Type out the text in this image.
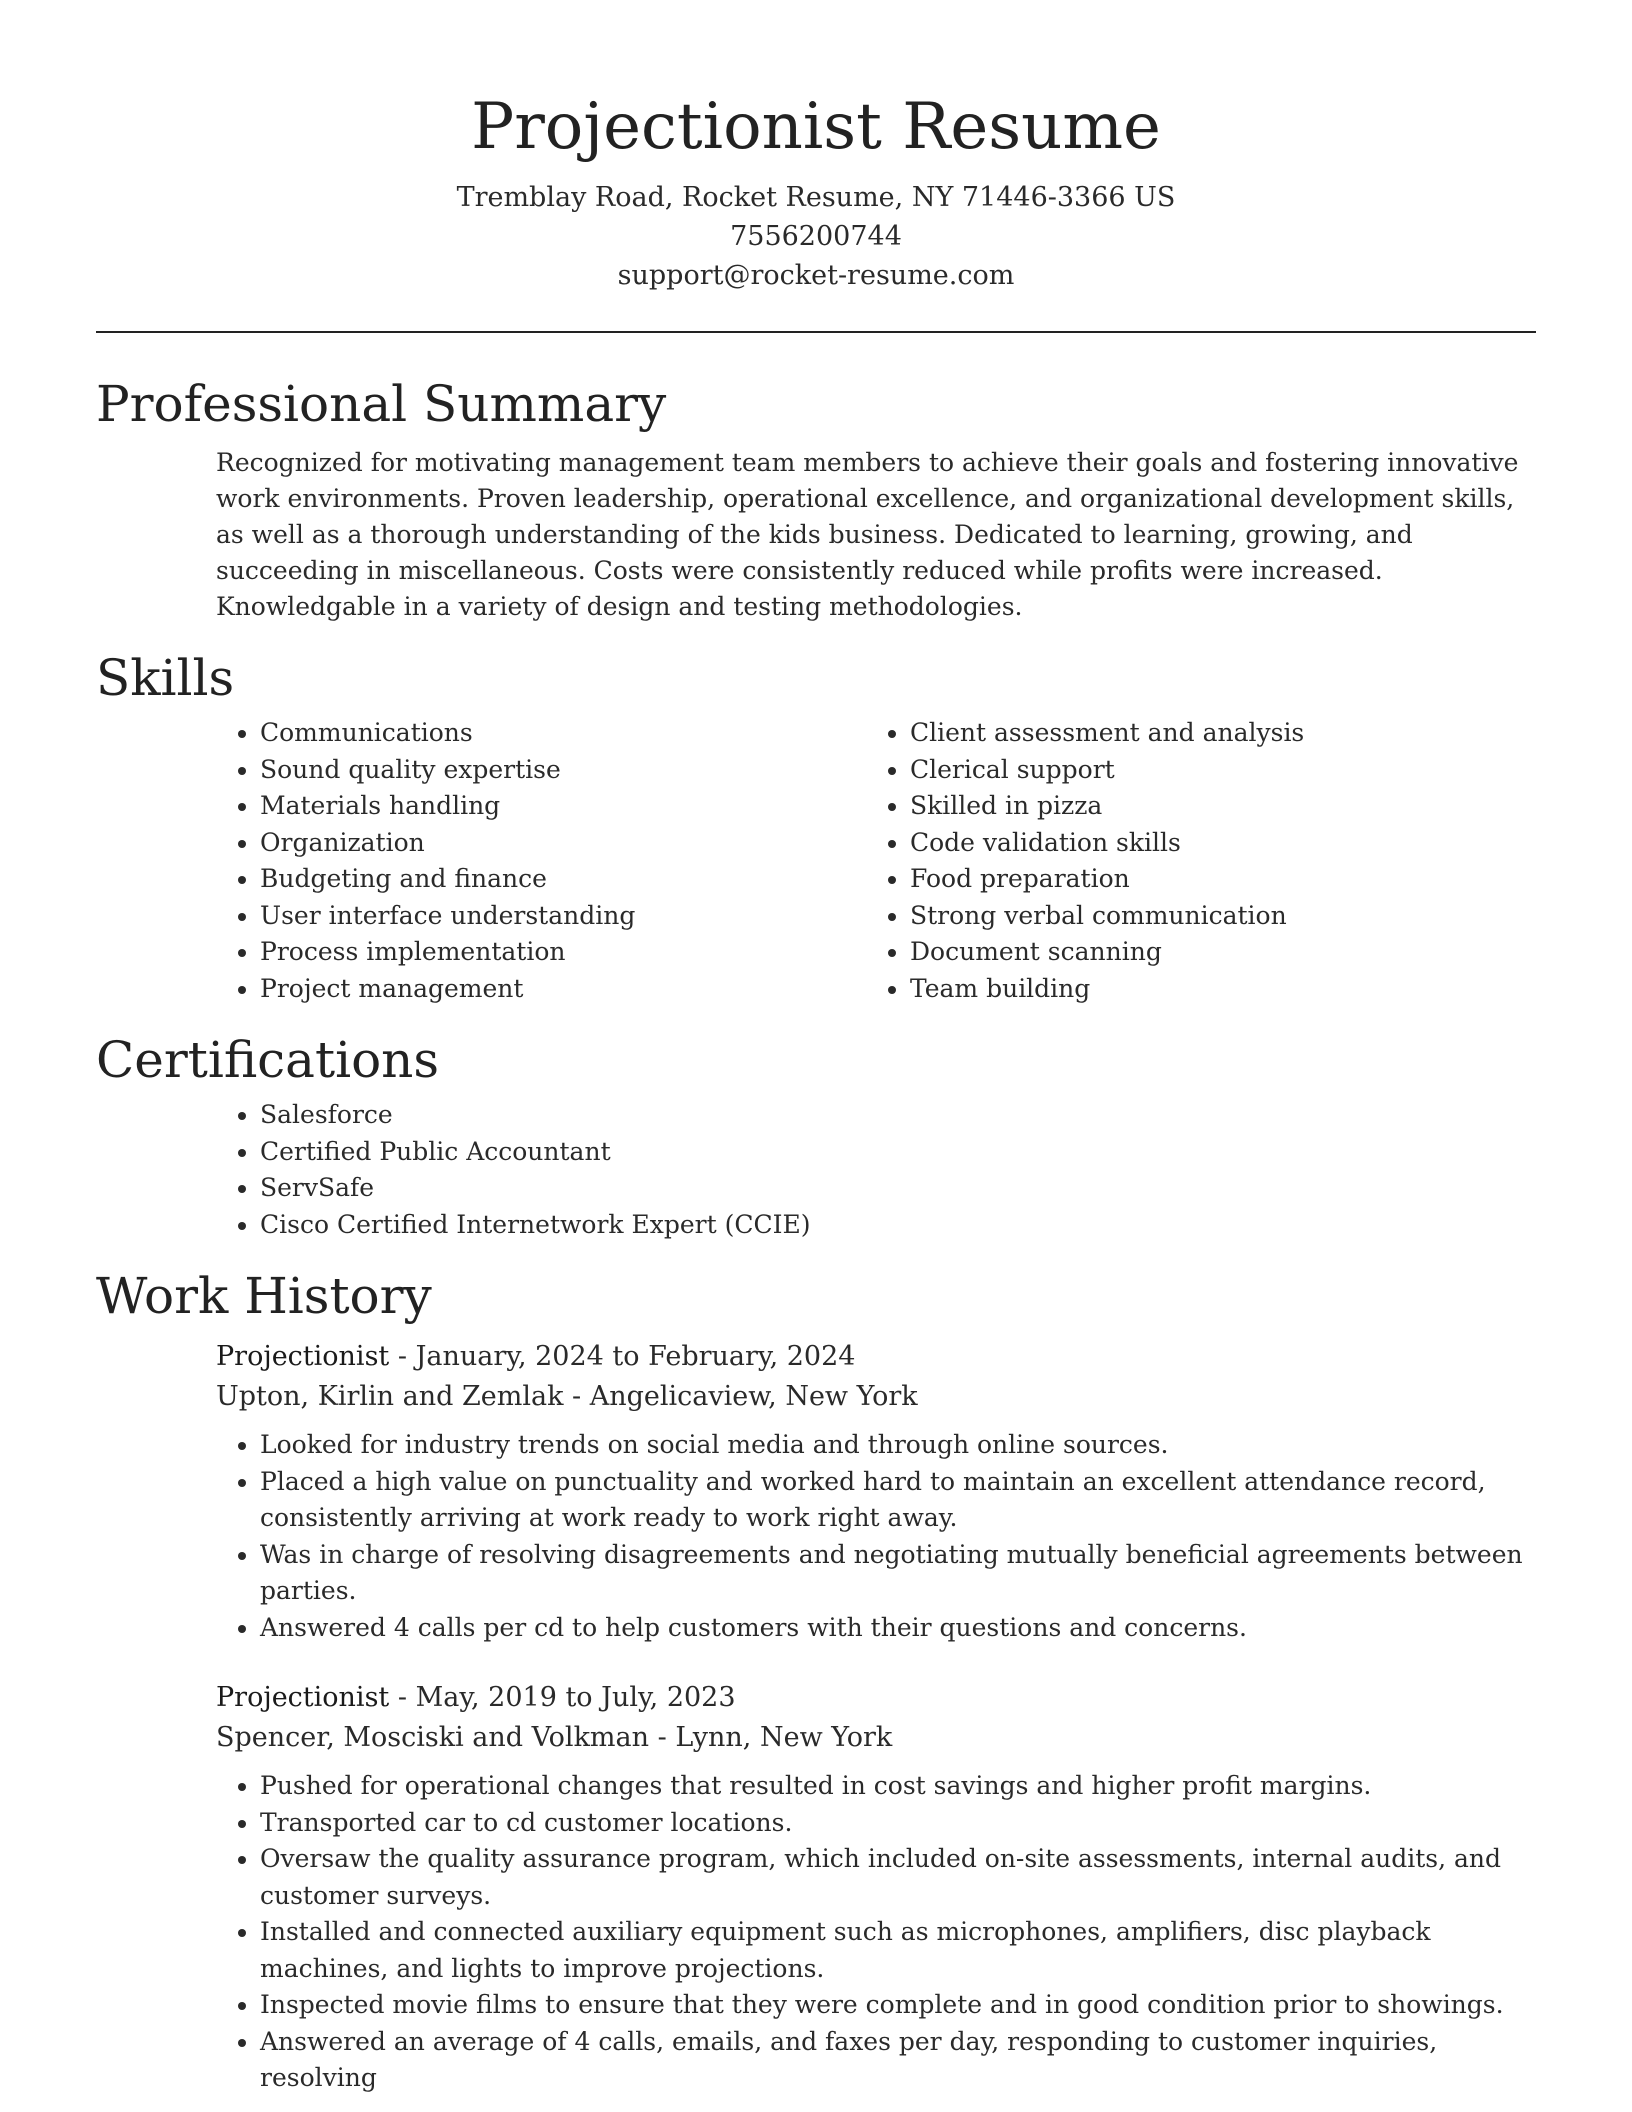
Projectionist Resume
Tremblay Road, Rocket Resume, NY 71446-3366 US
7556200744
support@rocket-resume.com
Professional Summary

Recognized for motivating management team members to achieve their goals and fostering innovative work environments. Proven leadership, operational excellence, and organizational development skills, as well as a thorough understanding of the kids business. Dedicated to learning, growing, and succeeding in miscellaneous. Costs were consistently reduced while profits were increased. Knowledgable in a variety of design and testing methodologies.

Skills
• Communications
• Sound quality expertise
• Materials handling
• Organization
• Budgeting and finance
• User interface understanding
• Process implementation
• Project management
• Client assessment and analysis
• Clerical support
• Skilled in pizza
• Code validation skills
• Food preparation
• Strong verbal communication
• Document scanning
• Team building
Certifications
• Salesforce
• Certified Public Accountant
• ServSafe
• Cisco Certified Internetwork Expert (CCIE)
Work History
Projectionist - January, 2024 to February, 2024
Upton, Kirlin and Zemlak - Angelicaview, New York
• Looked for industry trends on social media and through online sources.
• Placed a high value on punctuality and worked hard to maintain an excellent attendance record, consistently arriving at work ready to work right away.
• Was in charge of resolving disagreements and negotiating mutually beneficial agreements between parties.
• Answered 4 calls per cd to help customers with their questions and concerns.
Projectionist - May, 2019 to July, 2023
Spencer, Mosciski and Volkman - Lynn, New York
• Pushed for operational changes that resulted in cost savings and higher profit margins.
• Transported car to cd customer locations.
• Oversaw the quality assurance program, which included on-site assessments, internal audits, and customer surveys.
• Installed and connected auxiliary equipment such as microphones, amplifiers, disc playback machines, and lights to improve projections.
• Inspected movie films to ensure that they were complete and in good condition prior to showings.
• Answered an average of 4 calls, emails, and faxes per day, responding to customer inquiries, resolving
